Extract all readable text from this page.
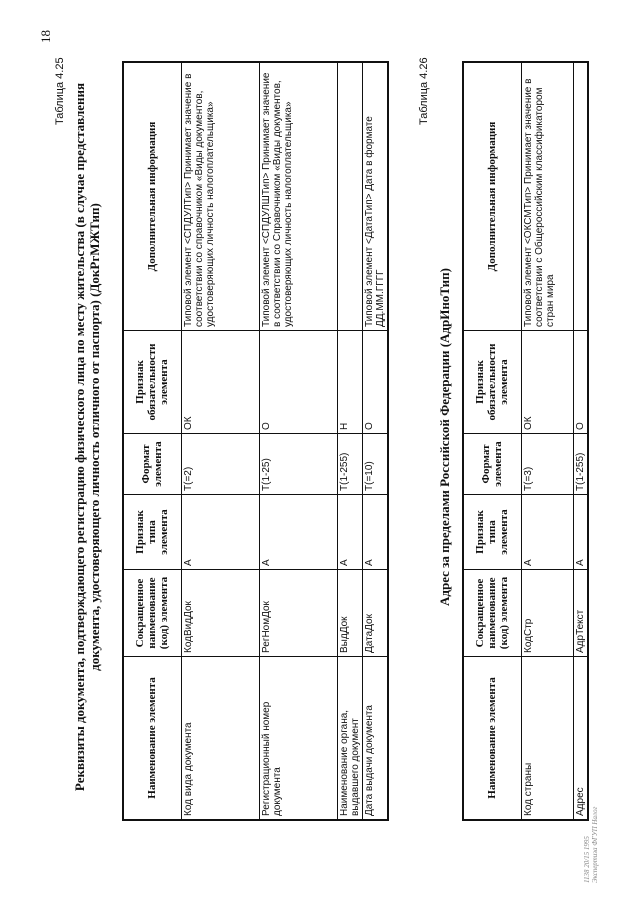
18
Таблица 4.25 Реквизиты документа, подтверждающего регистрацию физического лица по месту жительства (в случае представления документа, удостоверяющего личность отличного от паспорта) (ДокРгМЖТип)
Наименование элемента	Сокращенное наименование (код) элемента	Признак типа элемента	Формат элемента	Признак обязательности элемента	Дополнительная информация
Код вида документа	КодВидДок	А	T(=2)	ОК	Типовой элемент <СПДУЛТип> Принимает значение в соответствии со справочником «Виды документов, удостоверяющих личность налогоплательщика»
Регистрационный номер документа	РегНомДок	А	T(1-25)	О	Типовой элемент <СПДУЛШТип> Принимает значение в соответствии со Справочником «Виды документов, удостоверяющих личность налогоплательщика»
Наименование органа, выдавшего документ	ВыдДок	А	T(1-255)	Н	
Дата выдачи документа	ДатаДок	А	T(=10)	О	Типовой элемент <ДатаТип> Дата в формате ДД.ММ.ГГГГ
Таблица 4.26
Адрес за пределами Российской Федерации (АдрИноТип)
Наименование элемента	Сокращенное наименование (код) элемента	Признак типа элемента	Формат элемента	Признак обязательности элемента	Дополнительная информация
Код страны	КодСтр	А	T(=3)	ОК	Типовой элемент <ОКСМТип> Принимает значение в соответствии с Общероссийским классификатором стран мира
Адрес	АдрТекст	А	T(1-255)	О	
1138 20/15 1995 Экспертиза ФГУП Налог
